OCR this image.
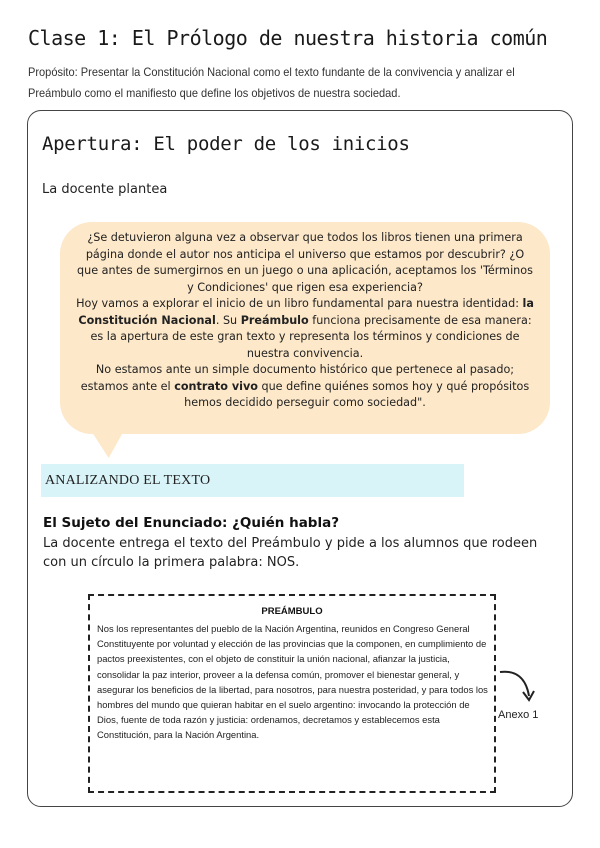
Clase 1: El Prólogo de nuestra historia común
Propósito: Presentar la Constitución Nacional como el texto fundante de la convivencia y analizar el Preámbulo como el manifiesto que define los objetivos de nuestra sociedad.
Apertura: El poder de los inicios
La docente plantea
¿Se detuvieron alguna vez a observar que todos los libros tienen una primera página donde el autor nos anticipa el universo que estamos por descubrir? ¿O que antes de sumergirnos en un juego o una aplicación, aceptamos los 'Términos y Condiciones' que rigen esa experiencia?
Hoy vamos a explorar el inicio de un libro fundamental para nuestra identidad: la Constitución Nacional. Su Preámbulo funciona precisamente de esa manera: es la apertura de este gran texto y representa los términos y condiciones de nuestra convivencia.
No estamos ante un simple documento histórico que pertenece al pasado; estamos ante el contrato vivo que define quiénes somos hoy y qué propósitos hemos decidido perseguir como sociedad".
ANALIZANDO EL TEXTO
El Sujeto del Enunciado: ¿Quién habla?
La docente entrega el texto del Preámbulo y pide a los alumnos que rodeen con un círculo la primera palabra: NOS.
PREÁMBULO
Nos los representantes del pueblo de la Nación Argentina, reunidos en Congreso General Constituyente por voluntad y elección de las provincias que la componen, en cumplimiento de pactos preexistentes, con el objeto de constituir la unión nacional, afianzar la justicia, consolidar la paz interior, proveer a la defensa común, promover el bienestar general, y asegurar los beneficios de la libertad, para nosotros, para nuestra posteridad, y para todos los hombres del mundo que quieran habitar en el suelo argentino: invocando la protección de Dios, fuente de toda razón y justicia: ordenamos, decretamos y establecemos esta Constitución, para la Nación Argentina.
Anexo 1
